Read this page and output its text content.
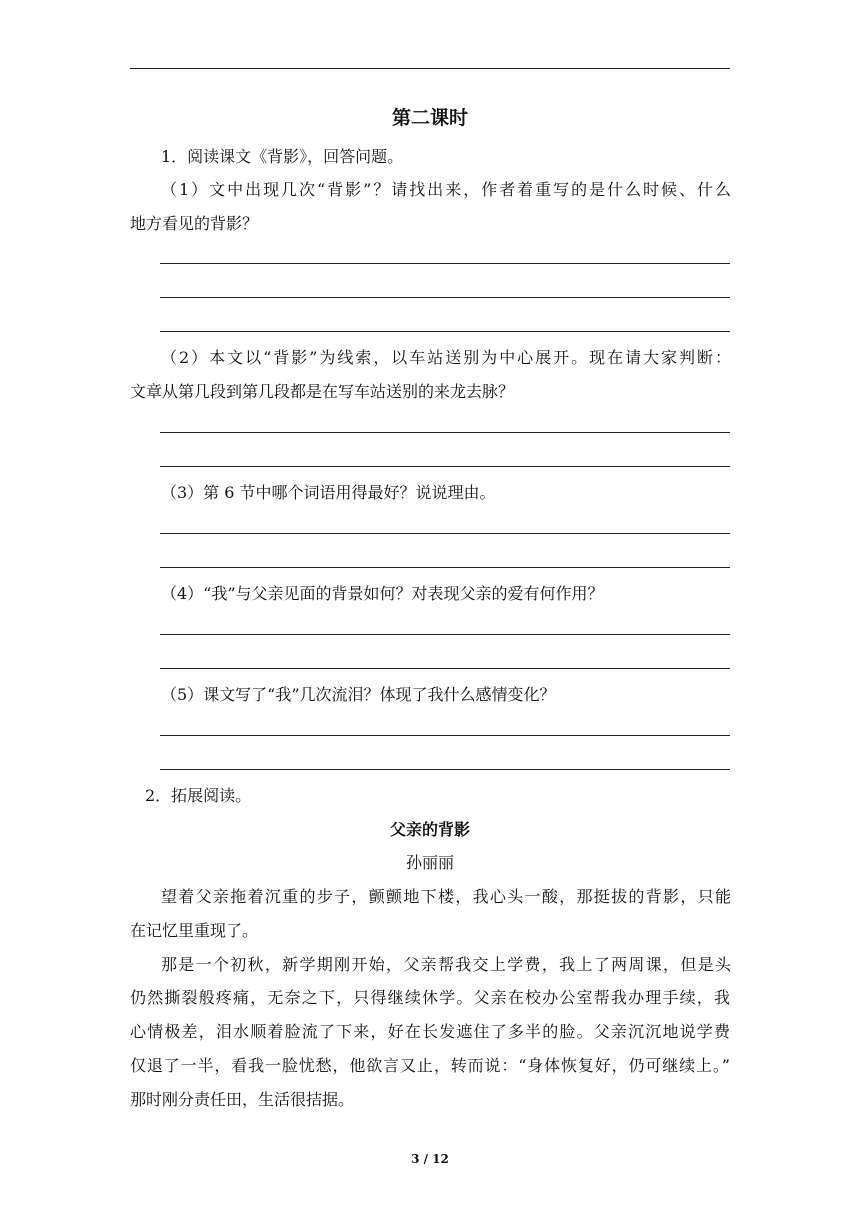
第二课时
1．阅读课文《背影》，回答问题。
（1）文中出现几次“背影”？请找出来，作者着重写的是什么时候、什么
地方看见的背影？
（2）本文以“背影”为线索，以车站送别为中心展开。现在请大家判断：
文章从第几段到第几段都是在写车站送别的来龙去脉？
（3）第 6 节中哪个词语用得最好？说说理由。
（4）“我”与父亲见面的背景如何？对表现父亲的爱有何作用？
（5）课文写了“我”几次流泪？体现了我什么感情变化？
2．拓展阅读。
父亲的背影
孙丽丽
望着父亲拖着沉重的步子，颤颤地下楼，我心头一酸，那挺拔的背影，只能
在记忆里重现了。
那是一个初秋，新学期刚开始，父亲帮我交上学费，我上了两周课，但是头
仍然撕裂般疼痛，无奈之下，只得继续休学。父亲在校办公室帮我办理手续，我
心情极差，泪水顺着脸流了下来，好在长发遮住了多半的脸。父亲沉沉地说学费
仅退了一半，看我一脸忧愁，他欲言又止，转而说：“身体恢复好，仍可继续上。”
那时刚分责任田，生活很拮据。
3 / 12
